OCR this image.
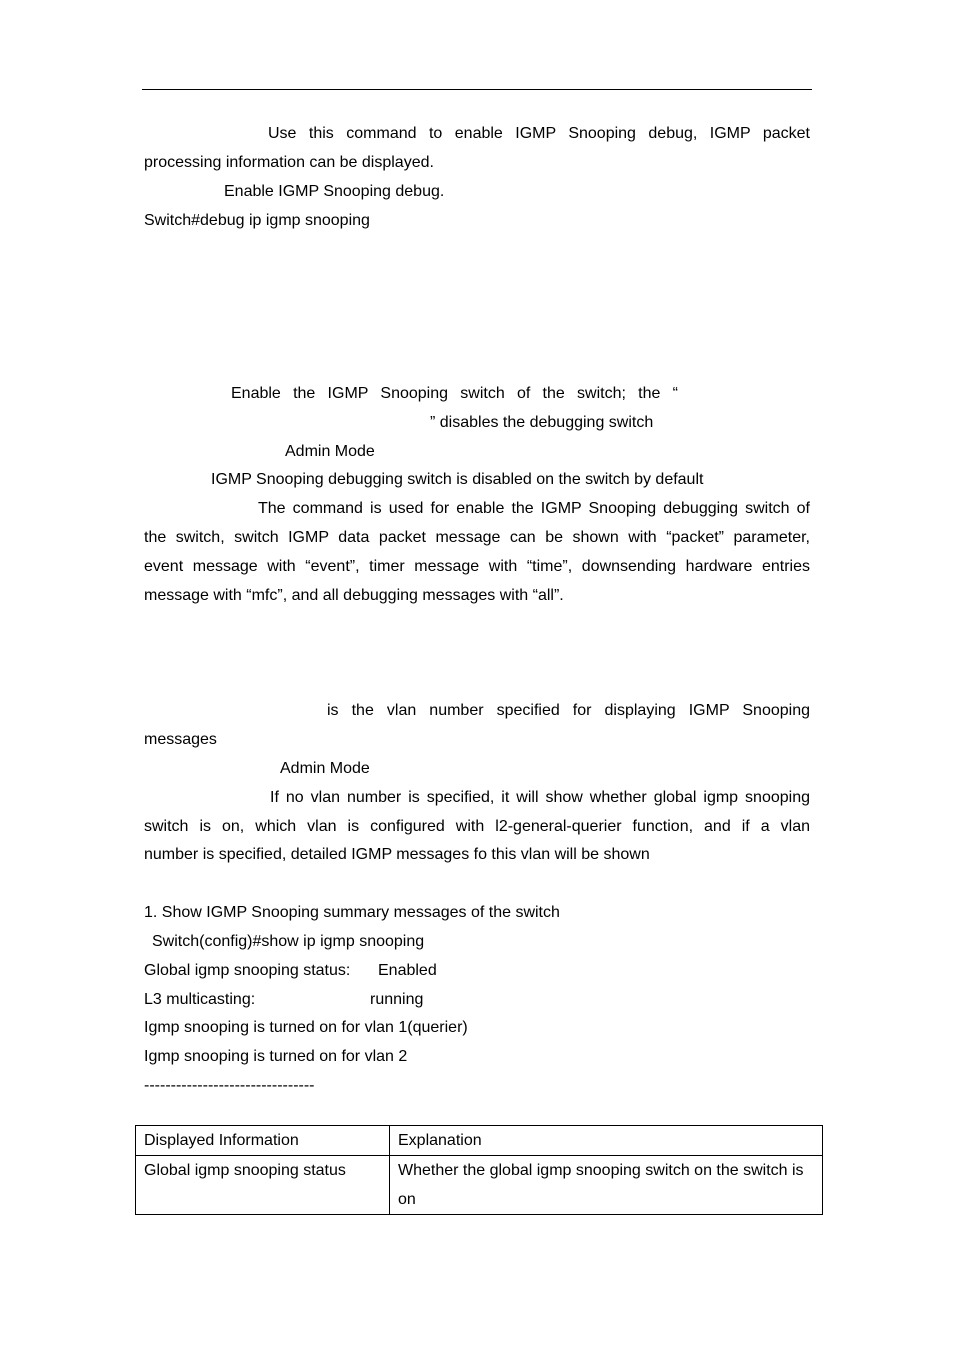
Use this command to enable IGMP Snooping debug, IGMP packet
processing information can be displayed.
Enable IGMP Snooping debug.
Switch#debug ip igmp snooping
Enable the IGMP Snooping switch of the switch; the “
” disables the debugging switch
Admin Mode
IGMP Snooping debugging switch is disabled on the switch by default
The command is used for enable the IGMP Snooping debugging switch of
the switch, switch IGMP data packet message can be shown with “packet” parameter,
event message with “event”, timer message with “time”, downsending hardware entries
message with “mfc”, and all debugging messages with “all”.
is the vlan number specified for displaying IGMP Snooping
messages
Admin Mode
If no vlan number is specified, it will show whether global igmp snooping
switch is on, which vlan is configured with l2-general-querier function, and if a vlan
number is specified, detailed IGMP messages fo this vlan will be shown
1. Show IGMP Snooping summary messages of the switch
Switch(config)#show ip igmp snooping
Global igmp snooping status: Enabled
L3 multicasting:	running
Igmp snooping is turned on for vlan 1(querier)
Igmp snooping is turned on for vlan 2
--------------------------------
Displayed Information	Explanation
Global igmp snooping status	Whether the global igmp snooping switch on the switch is on
